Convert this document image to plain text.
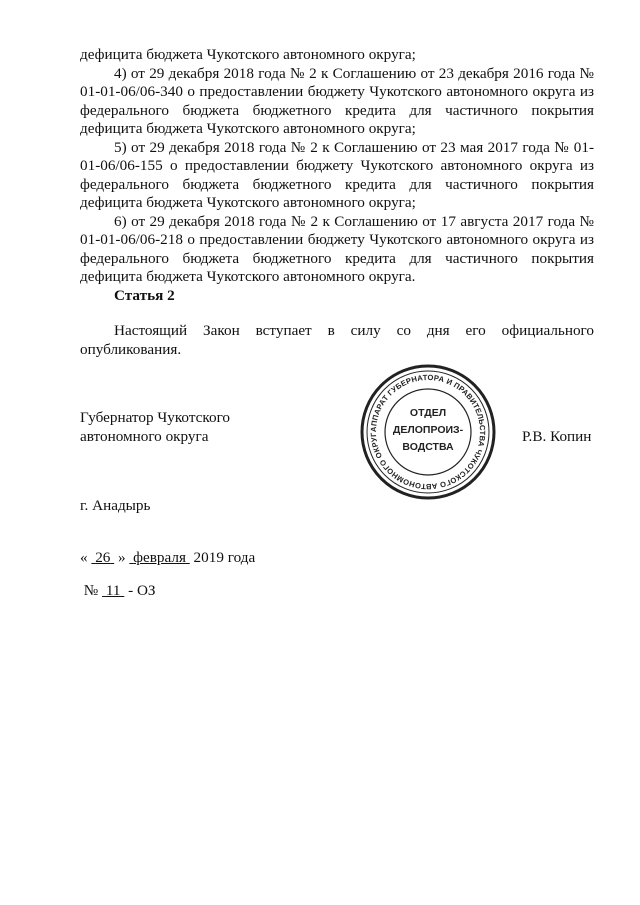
дефицита бюджета Чукотского автономного округа;

4) от 29 декабря 2018 года № 2 к Соглашению от 23 декабря 2016 года № 01-01-06/06-340 о предоставлении бюджету Чукотского автономного округа из федерального бюджета бюджетного кредита для частичного покрытия дефицита бюджета Чукотского автономного округа;

5) от 29 декабря 2018 года № 2 к Соглашению от 23 мая 2017 года № 01-01-06/06-155 о предоставлении бюджету Чукотского автономного округа из федерального бюджета бюджетного кредита для частичного покрытия дефицита бюджета Чукотского автономного округа;

6) от 29 декабря 2018 года № 2 к Соглашению от 17 августа 2017 года № 01-01-06/06-218 о предоставлении бюджету Чукотского автономного округа из федерального бюджета бюджетного кредита для частичного покрытия дефицита бюджета Чукотского автономного округа.

Статья 2

Настоящий Закон вступает в силу со дня его официального опубликования.

Губернатор Чукотского
автономного округа	АППАРАТ ГУБЕРНАТОРА И ПРАВИТЕЛЬСТВА ЧУКОТСКОГО АВТОНОМНОГО ОКРУГ
ОТДЕЛ
ДЕЛОПРОИЗ-
ВОДСТВА
Р.В. Копин
г. Анадырь
« 26 » февраля 2019 года
№ 11 - ОЗ
